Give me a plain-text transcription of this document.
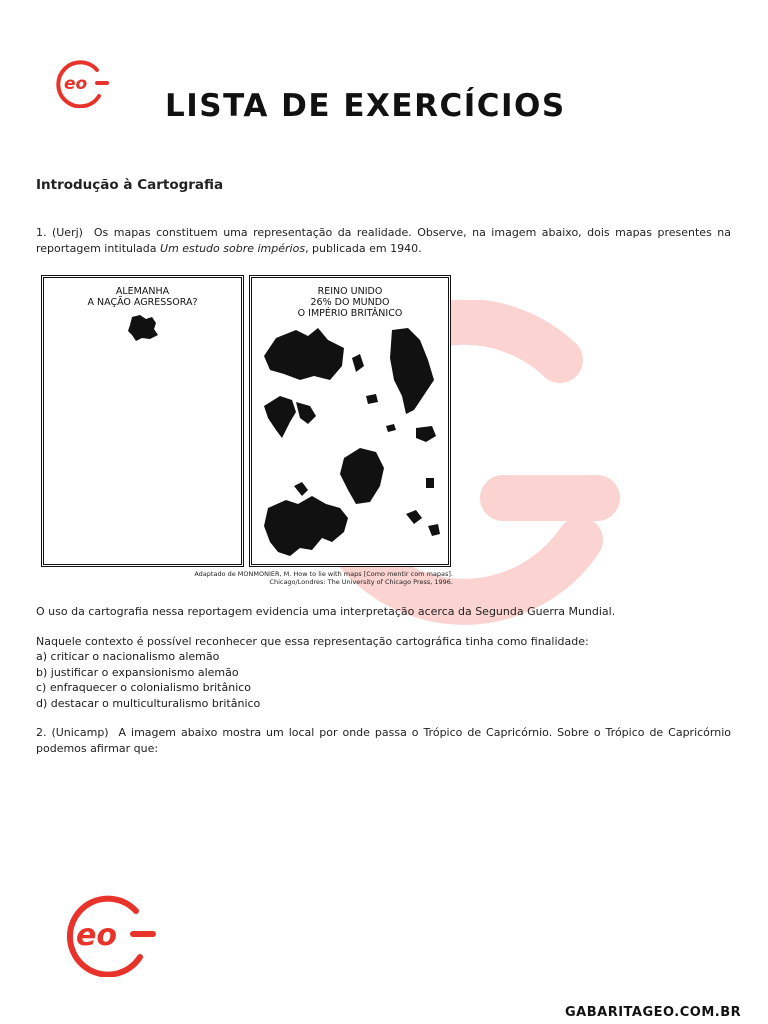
eo
LISTA DE EXERCÍCIOS
Introdução à Cartografia
1. (Uerj) Os mapas constituem uma representação da realidade. Observe, na imagem abaixo, dois mapas presentes na reportagem intitulada Um estudo sobre impérios, publicada em 1940.
ALEMANHA
A NAÇÃO AGRESSORA?
REINO UNIDO
26% DO MUNDO
O IMPÉRIO BRITÂNICO
Adaptado de MONMONIER, M. How to lie with maps [Como mentir com mapas].
Chicago/Londres: The University of Chicago Press, 1996.
O uso da cartografia nessa reportagem evidencia uma interpretação acerca da Segunda Guerra Mundial.
Naquele contexto é possível reconhecer que essa representação cartográfica tinha como finalidade:
a) criticar o nacionalismo alemão
b) justificar o expansionismo alemão
c) enfraquecer o colonialismo britânico
d) destacar o multiculturalismo britânico
2. (Unicamp) A imagem abaixo mostra um local por onde passa o Trópico de Capricórnio. Sobre o Trópico de Capricórnio podemos afirmar que:
eo
GABARITAGEO.COM.BR
